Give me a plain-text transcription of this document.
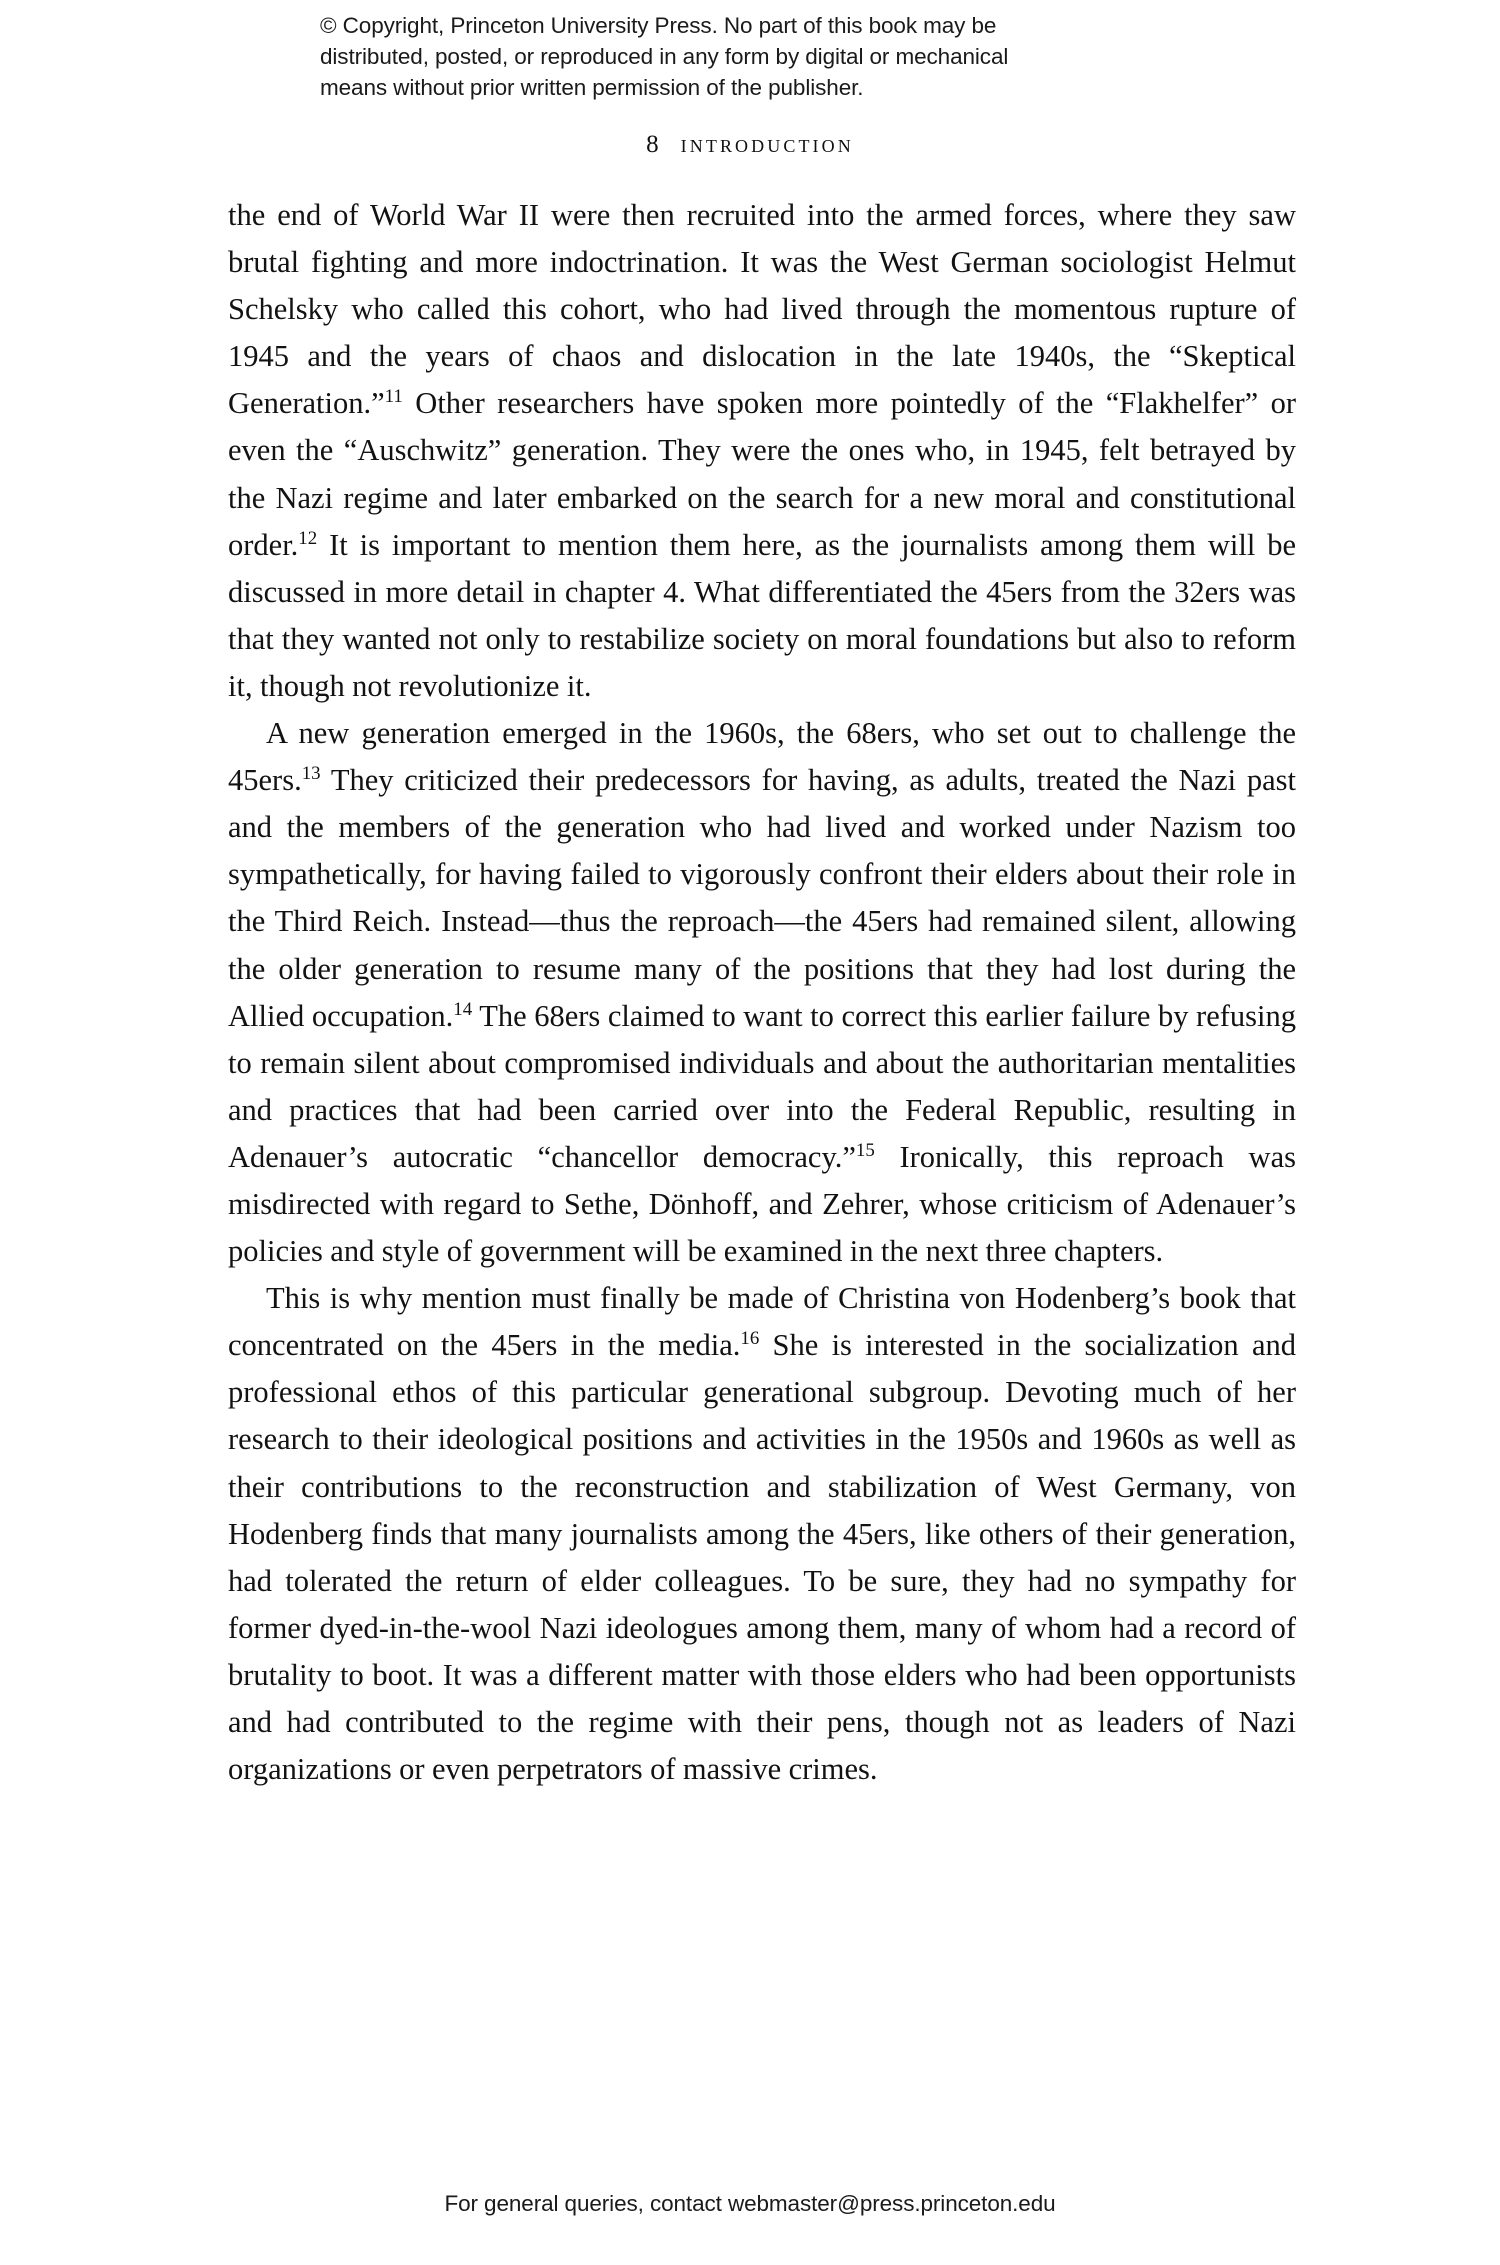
© Copyright, Princeton University Press. No part of this book may be
distributed, posted, or reproduced in any form by digital or mechanical
means without prior written permission of the publisher.
8 introduction

the end of World War II were then recruited into the armed forces, where they saw brutal fighting and more indoctrination. It was the West German sociologist Helmut Schelsky who called this cohort, who had lived through the momentous rupture of 1945 and the years of chaos and dislocation in the late 1940s, the “Skeptical Generation.”$^{11}$ Other researchers have spoken more pointedly of the “Flakhelfer” or even the “Auschwitz” generation. They were the ones who, in 1945, felt betrayed by the Nazi regime and later embarked on the search for a new moral and constitutional order.$^{12}$ It is important to mention them here, as the journalists among them will be discussed in more detail in chapter 4. What differentiated the 45ers from the 32ers was that they wanted not only to restabilize society on moral foundations but also to reform it, though not revolutionize it.

A new generation emerged in the 1960s, the 68ers, who set out to challenge the 45ers.$^{13}$ They criticized their predecessors for having, as adults, treated the Nazi past and the members of the generation who had lived and worked under Nazism too sympathetically, for having failed to vigorously confront their elders about their role in the Third Reich. Instead—thus the reproach—the 45ers had remained silent, allowing the older generation to resume many of the positions that they had lost during the Allied occupation.$^{14}$ The 68ers claimed to want to correct this earlier failure by refusing to remain silent about compromised individuals and about the authoritarian mentalities and practices that had been carried over into the Federal Republic, resulting in Adenauer’s autocratic “chancellor democracy.”$^{15}$ Ironically, this reproach was misdirected with regard to Sethe, Dönhoff, and Zehrer, whose criticism of Adenauer’s policies and style of government will be examined in the next three chapters.

This is why mention must finally be made of Christina von Hodenberg’s book that concentrated on the 45ers in the media.$^{16}$ She is interested in the socialization and professional ethos of this particular generational subgroup. Devoting much of her research to their ideological positions and activities in the 1950s and 1960s as well as their contributions to the reconstruction and stabilization of West Germany, von Hodenberg finds that many journalists among the 45ers, like others of their generation, had tolerated the return of elder colleagues. To be sure, they had no sympathy for former dyed-in-the-wool Nazi ideologues among them, many of whom had a record of brutality to boot. It was a different matter with those elders who had been opportunists and had contributed to the regime with their pens, though not as leaders of Nazi organizations or even perpetrators of massive crimes.

For general queries, contact webmaster@press.princeton.edu
